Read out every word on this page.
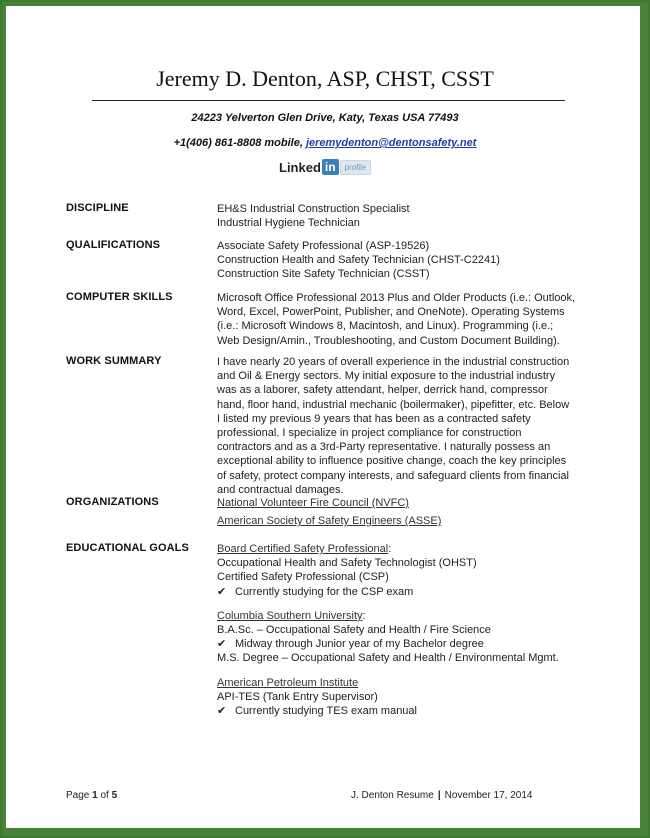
Jeremy D. Denton, ASP, CHST, CSST
24223 Yelverton Glen Drive, Katy, Texas USA 77493
+1(406) 861-8808 mobile, jeremydenton@dentonsafety.net
Linked in	profile
DISCIPLINE	EH&S Industrial Construction Specialist
Industrial Hygiene Technician
QUALIFICATIONS	Associate Safety Professional (ASP-19526)
Construction Health and Safety Technician (CHST-C2241)
Construction Site Safety Technician (CSST)
COMPUTER SKILLS	Microsoft Office Professional 2013 Plus and Older Products (i.e.: Outlook,
Word, Excel, PowerPoint, Publisher, and OneNote). Operating Systems
(i.e.: Microsoft Windows 8, Macintosh, and Linux). Programming (i.e.;
Web Design/Amin., Troubleshooting, and Custom Document Building).
WORK SUMMARY	I have nearly 20 years of overall experience in the industrial construction
and Oil & Energy sectors. My initial exposure to the industrial industry
was as a laborer, safety attendant, helper, derrick hand, compressor
hand, floor hand, industrial mechanic (boilermaker), pipefitter, etc. Below
I listed my previous 9 years that has been as a contracted safety
professional. I specialize in project compliance for construction
contractors and as a 3rd-Party representative. I naturally possess an
exceptional ability to influence positive change, coach the key principles
of safety, protect company interests, and safeguard clients from financial
and contractual damages.
ORGANIZATIONS	National Volunteer Fire Council (NVFC)
American Society of Safety Engineers (ASSE)
EDUCATIONAL GOALS	Board Certified Safety Professional:
Occupational Health and Safety Technologist (OHST)
Certified Safety Professional (CSP)
✔ Currently studying for the CSP exam
Columbia Southern University:
B.A.Sc. – Occupational Safety and Health / Fire Science
✔ Midway through Junior year of my Bachelor degree
M.S. Degree – Occupational Safety and Health / Environmental Mgmt.
American Petroleum Institute
API-TES (Tank Entry Supervisor)
✔ Currently studying TES exam manual
Page 1 of 5	J. Denton Resume | November 17, 2014
